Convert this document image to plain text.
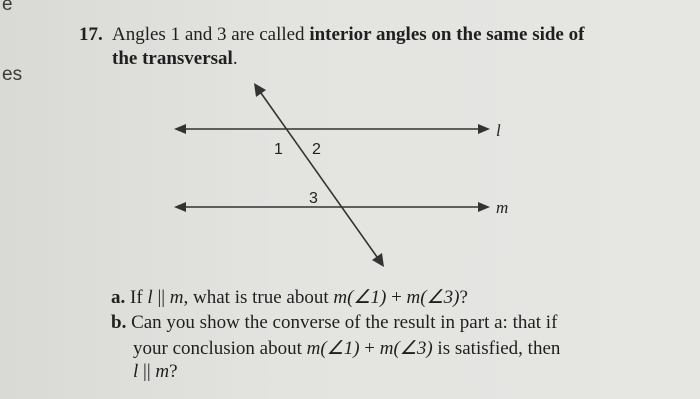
e
es
17. Angles 1 and 3 are called interior angles on the same side of
the transversal.
1 2
3
l
m
a. If l || m, what is true about m(∠1) + m(∠3)?
b. Can you show the converse of the result in part a: that if
your conclusion about m(∠1) + m(∠3) is satisfied, then
l || m?
